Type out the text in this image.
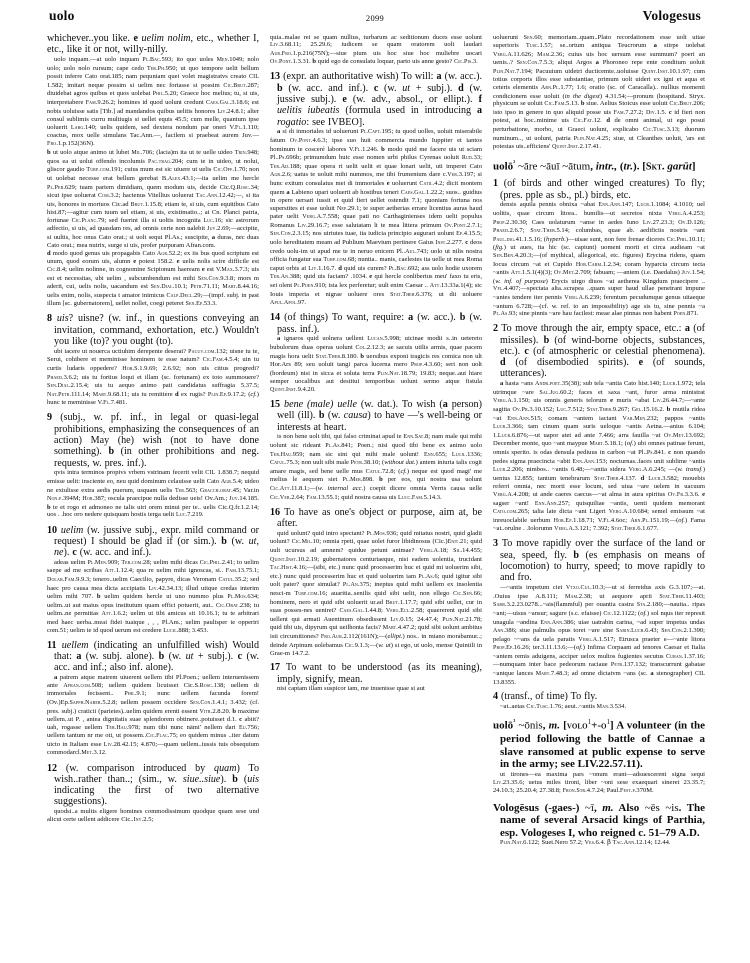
uolo	2099	Vologesus
whichever..you like. e uelim nolim, etc., whether I, etc., like it or not, willy-nilly.
uolo inquam.—at uolo inquam Pl.Bac.593; ito quo uoles Men.1049; nolo uolo; uolo nolo rursum; cape cedo Ter.Ph.950; ut quo tempore uelit bellum possit inferre Cato orat.185; nam pequniam quei volet magistratvs creato CIL 1.582; imitari neque possim si uelim nec fortasse si possim Cic.Brut.287; diuidebat agros quibus et quos uolebat Phil.5.20; Graece hoc melius; tu, si uis, interpretabere Fam.9.26.2; homines id quod uolunt credunt Caes.Gal.3.18.6; est nobis uoluisse satis [Tib.] ad mandandos quibus uelitis honores Liv.24.8.1; alter consul sublimis curru multiugis si uellet equis 45.5; cum melle, quantum ipse uoluerit Larg.140; uelis quidem, sed dextera nondum par oneri V.Fl.1.110; coactus, mox uelle simulans Tac.Ann.—, facilem si praebeat aurem Juv.—Fro.1.p.152(36N).
b ut uolo atque animo ut lubet Mil.706; (lacia)m ita ut te uelle uideo Trin.948; quos ea ut uolui offendo incolumis Pac.trag.204; cum te in uideo, ut nolui, gliscor gaudio Turp.com.191; cuius mum est sic uiuere ut uelis Cic.Off.1.70; non ut uolebat necesse erat bellum gerebat B.Alex.43.1;—ita uelim me hercle Pl.Per.629; tuam partem dimidiam, quem modum uis, decide Cic.Q.Rosc.34; sicut ipse uoluerat Com.3.2; hactenus Vitellius uoluerat Tac.Ann.12.42;—, si ita uis, honores in mortuos Cic.ad Brut.1.15.8; etiam te, si uis, cum equitibus Cato hist.87;—agitur cum tuum uel etiam, si uis, existimatio..; at Cn. Planci patria, fortunae Cic.Planc.79; sed fuerint illa si uoltis incognita Luc.16; sic astrorum adfectio, si uis, ad quasdam res, ad omnis certe non ualebit Juv.2.69;—accipite, si uultis, hoc onus Cato orat.; si uolt sequi Pl.As.; suscipite, a duras, nec duas Cato orat.; mea nutrix, surge si uis, profer purpuram Afran.com.
d modo quod genus uis propagabis Cato Agr.52.2; ex iis bus quod scriptum est unum, quod eorum uis, alumn e potest 158.2. e uelis nolis scire difficile est Cic.8.4; uelim nolinne, in cognomine Scipionum haeream e est V.Max.3.7.3; uis est et necessitas, ubi uelim , subcumbendum est mihi Sen.Con.9.3.8; mors m aderit, cui, uelis nolis, uacandum est Sen.Dial.10.1; Petr.71.11; Mart.8.44.16; uelis enim, nolis, suspecta t amator inimicus Calp.Decl.29;—(impf. subj. in past illum [sc. gubernatorem], uellet nollet, coegi peteret Sen.Ep.53.3.
8 uis? uisne? (w. inf., in questions conveying an invitation, command, exhortation, etc.) Wouldn't you like (to)? you ought (to).
ubi iacere ut nouerca uctiuhim derepente deserat? Pacuv.com.132; uisne tu te, Serui, cohibere et meminisse hominem te esse natum? Cic.Fam.4.5.4; uin tu curtis ludaris oppedere? Hor.S.1.9.69; 2.6.92; non uis citius progredi? Phaed.3.6.2; uis tu fortius loqui et illam (sc. fortunam) ex toto summouere? Sen.Dial.2.15.4; uis tu aequo animo pati candidatus suffragia 5.37.5; Nat.Petr.111.14; Mart.9.68.11; uis tu remittere d ex rugis? Plin.Ep.9.17.2; (cf.) hunc te meminisse V.Fl.7.481.
9 (subj., w. pf. inf., in legal or quasi-legal prohibitions, emphasizing the consequences of an action) May (he) wish (not to have done something). b (in other prohibitions and neg. requests, w. pres. inf.).
qvis intra terminos propivs vrbem vstrinam fecerit velit CIL 1.838.7; nequid emisse uelit: insciente eo, neu quid dominum celauisse uelit Cato Agr.5.4; uideo ne extulisse extra aedis puerum, usquam uelis Ter.563; Gracch.orat.45; Var.in Non.p.394M; Hor.387; oscula praecipue nulla dedisse ueis! Ov.Am.; Juv.14.185. b te et rogo et admoneo ne talis uiri orem minui per te.. uelis Cic.Q.fr.1.2.14; uos . .hoc oro nedere quisquam hostis terga uelit Luc.7.219.
10 uelim (w. jussive subj., expr. mild command or request) I should be glad if (or sim.). b (w. ut, ne). c (w. acc. and inf.).
adeas uelim Pl.Men.909; Ter.com.28; uelim mihi dicas Cic.Phil.2.41; to uelim saepe ad me scribas Att.1.12.4; qua re uelim mihi ignoscas, si.. Fam.13.75.1; Dolab.Fam.9.9.3; tenero..uelim Caecilio, papyre, dicas Veronam Catul.35.2; sed haec pro causa mea dicta accipiatis Liv.42.34.13; illud utique credas interim uelim mihi 707. b uelim quidem hercle ut uno nummo plus Pl.Mos.634; uelim..ut aut maius opus institutum quam effici potuerit, aut.. Cic.Orat.238; tu uelim..ne permittas Att.1.6.2; uelim ut tibi amicus sit 10.16.1; tu te arbitrari med haec uerba..meai fidei tuaique , , , Pl.Am.; uelim paulisper te opperiri com.51; uelim te id quod uerum est credere Lucil.888; 3.453.
11 uellem (indicating an unfulfilled wish) Would that: a (w. subj. alone). b (w. ut + subj.). c (w. acc. and inf.; also inf. alone).
a patrem atque matrem uiuerent uellem tibi Pl.Poen.; uellem interuenissem ante Afran.com.508; uellem quidem licuisset Cic.S.Rosc.138; uellem di immortales fecissent.. Phil.9.1; nunc uellem facunda forem! (Ov.)Ep.Sapph.Naber.5.2.8; uellem possem occidere Sen.Con.1.4.1; 3.432; (cf. pres. subj.) craticii (parietes)..uelim quidem erenti essent Vitr.2.8.20. b maxime uellem..ut P. , antea dignitatis suae splendorem obtinere..potuisset d.1. c abiit? uah, rogasse uellem Ter.Hau.978; num tibi nunc nāmi' nellem dari Eu.756; uellem tantum nr me oti, ut possem..Cic.Flac.75; eo quidem minus ..iter datum uicto in Italiam esse Liv.28.42.15; 4.870;—quam uellem..iussis tuis obsequium commodarcl.Met.3.12.
12 (w. comparison introduced by quam) To wish..rather than..; (sim., w. siue..siue). b (uis indicating the first of two alternative suggestions).
quodsi..a multis eligere homines commodissimum quodque quam sese und alicui certe uellent addicere Cic..Inv.2.5;
quia..malae rei se quam nullius, turbarum ac seditionum duces esse uolunt Liv.3.68.11; 25.29.6; iudicem se quam oratorem uolt laudari Aur.Fro.1.p.216(75N);—siue pium uis hoc siue hoc muliebre uocari Ov.Pont.1.3.31. b quid ego de consulatu loquar, parto uis anne gesto? Cic.Pis.3.
13 (expr. an authoritative wish) To will: a (w. acc.). b (w. acc. and inf.). c (w. ut + subj.). d (w. jussive subj.). e (w. adv., absol., or ellipt.). f uelitis iubeatis (formula used in introducing a rogatio: see IVBEO].
a si di inmortales id uoluerunt Pl.Capt.195; tu quod uolles, uoluit miserabile fatum Ov.Pont.4.6.3; ipse suo huit commercia mundo Iuppiter et tantos hominum te cosceré labores V.Fl.1.246. b modo quid me facere uis ut sciam Pl..Ps.696b; primumdum huic esse nomen urbi philus Cyrenas uoluit Rud.33; Ter.Ad.188; quae opera ri uelit uelit et quae lonari uelit, uti imperet Cato Agr.2.6; uatus te uoluit mihi nummos, me tibi frumentum dare c.Ver.3.197; si hunc exitum consulatus mei di immortales e uoluerunt Catil.4.2; dicit montem quem a Labieno upari uoluerit ab hostibus teneri Caes.Gal.1.22.2; suos.. guidius in opere uersari iussit et quid fieri uellet ostendit 7.1; quoniam fortuna nos superstites ei esse uoluit Nep.29.1; te super aetherias errare licentius auras haud pater uelit Verg.A.7.558; quae pati no Carthaginienses idem uelit populus Romanus Liv.29.16.7; esse salutatam lt te mea littera primum Ov.Pont.2.7.1; Sen.Con.2.3.15; nos uirtutes tuae, ita iudicia principio augurari uolunt Ep.4.15.5; uolo hereditatem meam ad Publium Maevium pertinere Gaius Inst.2.277. c deos credo uolu-im ut apud me te in neruo enicem Pl..Aul.743; uolo ut nilis nostra officia fungatur sua Turp.com.68; nuntia.. manis, caelestes ita uelle ut mea Roma caput orbis at Liv.1.16.7. d quid uis curem? Pl.Bac.692; ass uolo hodie uxorem Ter.An.388; quid uis faciam? .1034. e qui hercle conlibertus meu' faxo tu eris, sei olent Pl.Poen.910; ista lex perferetur; uult enim Caesar .. Att.13.33a.1(4); sic Iouis imperia et nigrae uoluere ores Stat.Theb.6.376; ut dii uoluere Apul.Apol.97.
14 (of things) To want, require: a (w. acc.). b (w. pass. inf.).
a ignaros quid uolnera uellent Lucan.5.998; uicinae modii s..in uetereto bubulorum duas operas uolunt Col.2.12.3; ae sacuis utilis armis, quae pacem magis hora uelit Stat.Theb.8.180. b uersibus exponi tragicis res comica non ult Hor.Ars 89; seu uoluit tangi parca lucerna mero Prop.4.3.60; seri non uolt (hordeum) nisi in sicca et soluta terra Plin.Nat.18.79; 19.83; neque..aut hiare semper uocalibus aut destitui temporibus uolunt sermo atque fistula Quint.Inst.9.4.20.
15 bene (male) uelle (w. dat.). To wish (a person) well (ill). b (w. causa) to have —'s well-being or interests at heart.
is non bene uolt tibi, qui falso criminat apud te Enn.Sat.8; nam male qui mihi uolunt sic rideant Pl.As.841; Poen.; nisi quod tibi bene ex animo uolo Ter.Hau.959; nam sic sint qui mihi male uolunt! Enn.655; Lucil.1336; Catul.75.3; non uult sibi male Petr.38.10; (without dat.) antem iniuria talis cogit amare magis, sed bene uelle mus Catul.72.8; (cf.) neque est quod magi' me melius le aequom siet Pl.Mer.898. b per eos, qui nostra usa uolunt Cic.Att.11.8.1;—(w. internal acc.) coepit dicere omnia Verris causa uelle Cic.Ver.2.64; Fam.13.55.1; quid nostra causa uis Lucc.Fam.5.14.3.
16 To have as one's object or purpose, aim at, be after.
quid uolunt? quid intro spectant? Pl.Mos.936; quid mitatus nostri, quid gladii uolunt? Cic.Mil.10; omnia rpeti, quae uolet furor libidinosus (Cic.)Enit.21; quid uult ucursus ad amnem? quidue petunt animae? Verg.A.18; Sil.14.455; Quint.Inst.10.2.19; gubernatores centuriaeque, nisi eadem uolentia, trucidant Tac.Hist.4.16;—(sibi, etc.) nunc quid processerim huc et quid mi uoluerim sibi, etc.) nunc quid processerim huc et quid uoluerim iam Pl.As.6; quid igitur sibi uolt pater? quor simulat? Pl.An.375; ineptus quid mihi uellem ex insolentia nesci-m Turp.com.16; auaritia..senilis quid sibi uelit, non ellego Cic.Sen.66; hominem, nero et quid sibi uoluerit ur.ad Brut.1.17.7; quid sibi uellet, cur in suas posses-nes ueniret? Caes.Gal.1.44.8; Verg.Ecl.2.58; quaererent quid sibi uellent qui armati Auentinum obsedissent Liv.0.15; 24.47.4; Plin.Nat.21.78; quid tibi uis, dipyrum qui ueilhonta facis? Mart.4.47.2; quid sibi uolunt ambitus isti circumitiones? Fro.Aur.2.112(161N);—(ellipt.) nos.. in miano morabamur..; deinde Arpinum uolebamus Cic.9.1.3;—(w. ut) si ego, ut uolo, mense Quintili in Grae-m 14.7.2.
17 To want to be understood (as its meaning), imply, signify, mean.
nisi captam illam suspicor iam, me inuenisse quae si aut
uoluerunt Sen.60; memoriam..quam..Plato recordationem esse uolt uitae superioris Tusc.1.57; se..ortum antiqua Teucrorum a stirpe uolebat Verg.A.11.626; Mam.2.36; cuius uis hoc uersum esse summum? poeri an uenis..? Sen.Con.7.5.3; aliqui Argos a Phoroneo repe ente conditum uoluit Plin.Nat.7.194; Pacuuium uidetri ducticemte..uoluisse Quint.Inst.10.1.97; cum totius corporis illos esse substantiae, primum uolt uideri ex igni et aqua et ceteris elementis Arn.Pl.1.77; 1.6; oratio (sc. of Caracalla).. nullius momenti condicionem esse uoluit (in the digest) 4.31.54;—pronum (hospitand. Stryx. physicum se uoluit Cic.Fam.5.13. b siue. Aelius Stoicus esse uoluit Cic.Brut.206; isto ipso in genere in quo aliquid posse uis Fam.7.27.2; Div.1.5. c id fieri non potest, at hoc..minime uis Cic.Fat.12. d de omni animal, ut ego posui perturbatione, morbo, ut Graeci uolunt, explicabo Cic.Tusc.3.13; duorum numinum.., ut uolunt, patria Plin.Nat.4.25; siue, ut Cleanthes uoluit, 'ars est potestas uis..efficiens' Quint.Inst.2.17.41.
uolō$^{^2}$ ~āre ~āuī ~ātum, intr., (tr.). [Skt. garūt]
1 (of birds and other winged creatures) To fly; (pres. pple as sb., pl.) birds, etc.
densis aquila pennis obnixa ~abat Enn.Ann.147; Lucr.1.1084; 4.1010; uel uolitis, quae circum litora.. bumilis—ut secretos nixta Verg.A.4.253; Prop.2.30.30; Caes uolaturum ~anse in aedes Iuno Liv.27.23.3; Ov.D.126; Phaed.2.6.7; Stat.Theb.5.14; columbas, quae ab. aedificiis nostris ~ant Paul.dig.41.1.5.16; (hyperb.)—uisae sunt, non fere frenae diceres Cic.Phil.10.11; (fig.) ut aues, ita hic (sc. capiunt) uoment morti et circa audieam ~at Sen.Ben.4.20.3;—(of mythical, allegorical, etc. figures) Erycina ridens, quam Iocus circum ~at et Cupido Hor.Carm.1.2.34; coram hyparcta circum tecta ~antis Att.1.5.1(4)(3); Ov.Met.2.709; fabuam; —antem (i.e. Daedalus) Juv.1.54; (w. inf. of purpose) Erycis uirgo diuos ~at aetherea Kingdum praecipere .. Vfl.4.407;—spectata alta..scrapea ..quam super haud ullae penetrant impune ~antes tendere iter pennis Verg.A.6.239; ferentum pecudumque genus uitaeque ~antum 6.728;—(cf. w. ref. to an impossibility) age sis tu, sine pennis ~a Pl.As.93; sine pinnis ~are hau facilest: meae alae pinnas non habent Poen.871.
2 To move through the air, empty space, etc.: a (of missiles). b (of wind-borne objects, substances, etc.). c (of atmospheric or celestial phenomena). d (of disembodied spirits). e (of sounds, utterances).
a hasta ~ans Andr.poet.35(38); sub tela ~antia Cato hist.140; Lucr.1.972; tela utrimque ~are Sal.Jug.60.2; faces et saxa ~ant, furor arma ministrat Verg.A.1.150; uis omnis generis telorum e muris ~abat Liv.26.44.7;—~ante sagitta Ov.Pr.3.10.152; Luc.7.512; Stat.Theb.9.267; Gel.15.16.2. b mutila ridea ~at Enn.Ann.515; comam ~antem iactant Var.Men.232; pappos ~antis Lucr.3.366; tam cinum quam suris ueloque ~antis Aetna.—anius 6.104; 1.Lucr.6.876;—ut uapor atet ad ante 7.466; arra fauilla ~at Ov.Met.13.692; December monte, quo ~ant maypue Mart.5.18.1; (of.) ubi omnes patinae ferunt, omnis sperito. is odas densula pediuus in carbon ~at Pl..Ps.841. c non quando pedes sigma praecincta ~abit Enn.Ann.153; nocturnas..faces unit sublime ~antis Lucr.2.206; nimbos.. ~antis 6.48;—~antia sidera Verg.A.6.245; —(w. transf.) uentus 12.855; tantum tenebrarum Stat.Theb.4.137. d Lucr.3.582; mouebis referri omnia, nec morti esse locum, sed uiua ~are uelem in uacuum Verg.A.4.208; ui ande caeres caecus—~at alma in aura spiritus Ov.Fr.3.3.6. e sagser ~ant! Enn.Ann.257; quisquiliae ~antis, uenti quidem memorant Cato.com.265; talia late dicta ~ant Ligeri Verg.A.10.684; semel emissum ~at inreuoclabile uerbum Hor.Ep.1.18.71; V.Fl.4.6oc; Arn.Pl.151.19;—(of.) Fama ~at..orulne . .Iolorumn Verg.A.3.121; 7.392; Stat.Theb.6.1.677.
3 To move rapidly over the surface of the land or sea, speed, fly. b (es emphasis on means of locomotion) to hurry, speed; to move rapidly to and fro.
—~antis impetum ciet Vtxo.Cul.10.3;—ut si ferreidus axis G.3.107;—at. .Ouius ipse A.8.111; Mam.2.38; ut aequore aprii Stat.Theb.11.403; Sabr.3.2.23.0278...~ais(flammful) per ouantia castra Sta.2.180;—nauita.. ripas ~ant;—uisus ~ansur; sagure (s.c. efaisse) Cic.12.1122; (of.) sol nqus iter represit unagula ~andina Enn.Ann.386; uiae uatrabin carina, ~ad super impetus undas Ann.386; siue palmulis opus toret ~are sine Sabin.Lucr.6.43; Sen.Con.2.1.390; pelago ~~ans da uela paratis Verg.A.1.517; Etrusca praeter e—~ante litora Prop.Ep.16.26; ter.3.11.13.6;—(of.) Infima Corpaam ad tenores Caesar et Italia ~antem remis aduigens, acciper uelox multos fugientes secutus Curan.1.37.16;—numquam inter bace pedeorum raciaue Petr.137.132; transcurrunt gabatae ~antque lances Mart.7.48.3; ad omne dictatvm ~ans (sc. a stenographer) CIL 13.8355.
4 (transf., of time) To fly.
~at..aetas Cic.Tusc.1.76; aeui..~antis Man.3.534.
uolō$^{^3}$ ~ōnis, m. $[volo^1+-o^1]$ A volunteer (in the period following the battle of Cannae a slave ransomed at public expense to serve in the army; see LIV.22.57.11).
ut tirones—ea maxima pars ~onum erant—adsuescerent signa sequi Liv.23.35.6; uetus miles tironi, liber ~oni sese exaequari sineret 23.35.7; 24.10.3; 25.20.4; 27.38.8; Fron.Str.4.7.24; Paul.Fest.p.370M.
Vologēsus (-gaes-) ~ī, m. Also ~ēs ~is. The name of several Arsacid kings of Parthia, esp. Vologeses I, who reigned c. 51–79 A.D.
Plin.Nat.6.122; Suet.Nero 57.2; Ves.6.4. β Tac.Ann.12.14; 12.44.
